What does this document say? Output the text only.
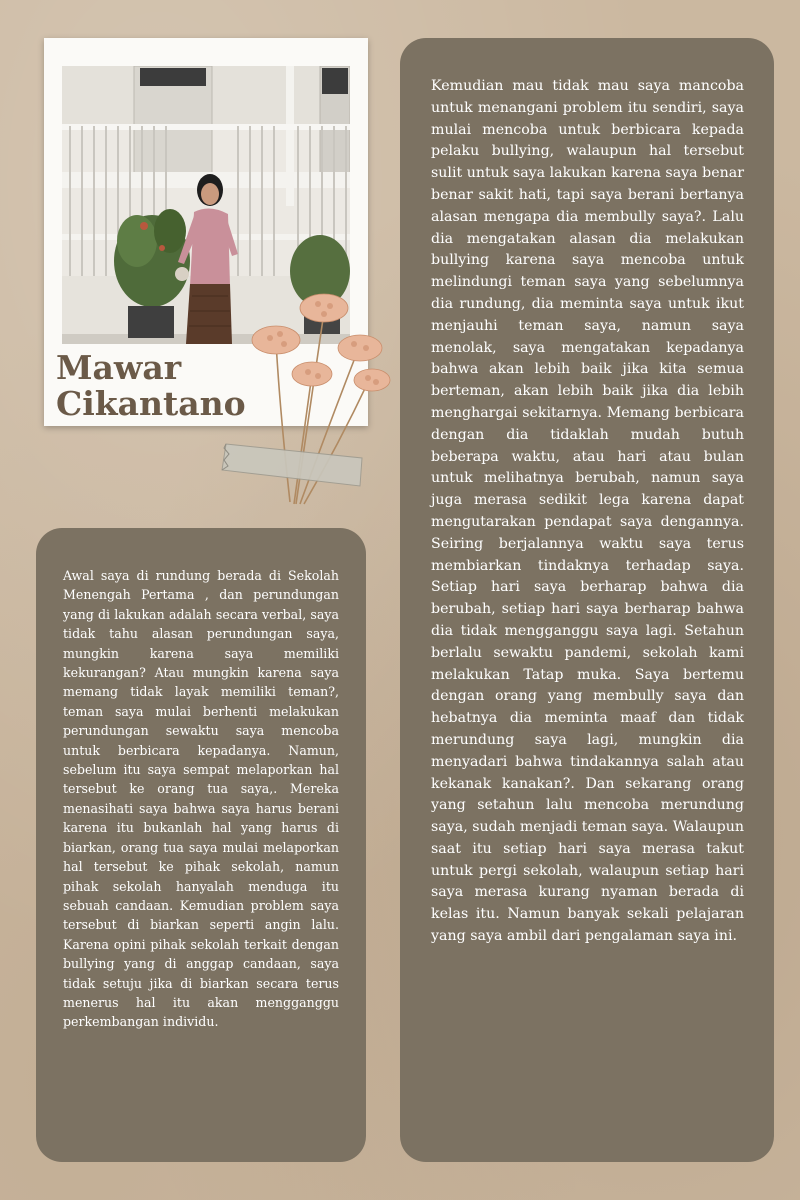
Mawar
Cikantano

Awal saya di rundung berada di Sekolah Menengah Pertama , dan perundungan yang di lakukan adalah secara verbal, saya tidak tahu alasan perundungan saya, mungkin karena saya memiliki kekurangan? Atau mungkin karena saya memang tidak layak memiliki teman?, teman saya mulai berhenti melakukan perundungan sewaktu saya mencoba untuk berbicara kepadanya. Namun, sebelum itu saya sempat melaporkan hal tersebut ke orang tua saya,. Mereka menasihati saya bahwa saya harus berani karena itu bukanlah hal yang harus di biarkan, orang tua saya mulai melaporkan hal tersebut ke pihak sekolah, namun pihak sekolah hanyalah menduga itu sebuah candaan. Kemudian problem saya tersebut di biarkan seperti angin lalu. Karena opini pihak sekolah terkait dengan bullying yang di anggap candaan, saya tidak setuju jika di biarkan secara terus menerus hal itu akan mengganggu perkembangan individu.

Kemudian mau tidak mau saya mancoba untuk menangani problem itu sendiri, saya mulai mencoba untuk berbicara kepada pelaku bullying, walaupun hal tersebut sulit untuk saya lakukan karena saya benar benar sakit hati, tapi saya berani bertanya alasan mengapa dia membully saya?. Lalu dia mengatakan alasan dia melakukan bullying karena saya mencoba untuk melindungi teman saya yang sebelumnya dia rundung, dia meminta saya untuk ikut menjauhi teman saya, namun saya menolak, saya mengatakan kepadanya bahwa akan lebih baik jika kita semua berteman, akan lebih baik jika dia lebih menghargai sekitarnya. Memang berbicara dengan dia tidaklah mudah butuh beberapa waktu, atau hari atau bulan untuk melihatnya berubah, namun saya juga merasa sedikit lega karena dapat mengutarakan pendapat saya dengannya. Seiring berjalannya waktu saya terus membiarkan tindaknya terhadap saya. Setiap hari saya berharap bahwa dia berubah, setiap hari saya berharap bahwa dia tidak mengganggu saya lagi. Setahun berlalu sewaktu pandemi, sekolah kami melakukan Tatap muka. Saya bertemu dengan orang yang membully saya dan hebatnya dia meminta maaf dan tidak merundung saya lagi, mungkin dia menyadari bahwa tindakannya salah atau kekanak kanakan?. Dan sekarang orang yang setahun lalu mencoba merundung saya, sudah menjadi teman saya. Walaupun saat itu setiap hari saya merasa takut untuk pergi sekolah, walaupun setiap hari saya merasa kurang nyaman berada di kelas itu. Namun banyak sekali pelajaran yang saya ambil dari pengalaman saya ini.
